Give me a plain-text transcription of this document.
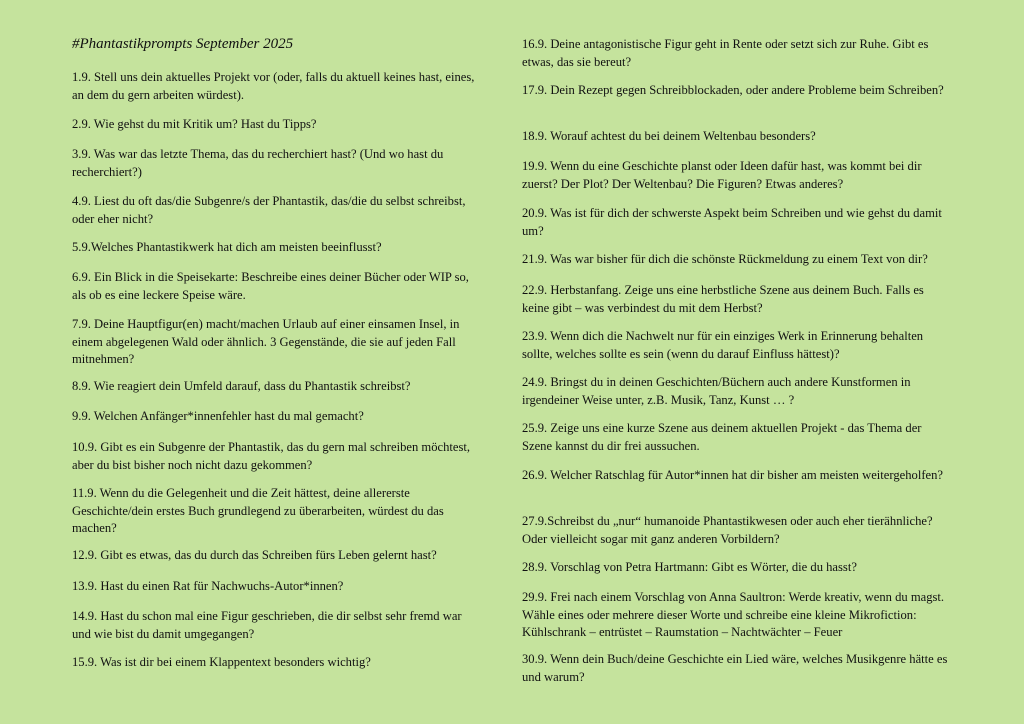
#Phantastikprompts September 2025

1.9. Stell uns dein aktuelles Projekt vor (oder, falls du aktuell keines hast, eines, an dem du gern arbeiten würdest).

2.9. Wie gehst du mit Kritik um? Hast du Tipps?

3.9. Was war das letzte Thema, das du recherchiert hast? (Und wo hast du recherchiert?)

4.9. Liest du oft das/die Subgenre/s der Phantastik, das/die du selbst schreibst, oder eher nicht?

5.9.Welches Phantastikwerk hat dich am meisten beeinflusst?

6.9. Ein Blick in die Speisekarte: Beschreibe eines deiner Bücher oder WIP so, als ob es eine leckere Speise wäre.

7.9. Deine Hauptfigur(en) macht/machen Urlaub auf einer einsamen Insel, in einem abgelegenen Wald oder ähnlich. 3 Gegenstände, die sie auf jeden Fall mitnehmen?

8.9. Wie reagiert dein Umfeld darauf, dass du Phantastik schreibst?

9.9. Welchen Anfänger*innenfehler hast du mal gemacht?

10.9. Gibt es ein Subgenre der Phantastik, das du gern mal schreiben möchtest, aber du bist bisher noch nicht dazu gekommen?

11.9. Wenn du die Gelegenheit und die Zeit hättest, deine allererste Geschichte/dein erstes Buch grundlegend zu überarbeiten, würdest du das machen?

12.9. Gibt es etwas, das du durch das Schreiben fürs Leben gelernt hast?

13.9. Hast du einen Rat für Nachwuchs-Autor*innen?

14.9. Hast du schon mal eine Figur geschrieben, die dir selbst sehr fremd war und wie bist du damit umgegangen?

15.9. Was ist dir bei einem Klappentext besonders wichtig?

16.9. Deine antagonistische Figur geht in Rente oder setzt sich zur Ruhe. Gibt es etwas, das sie bereut?

17.9. Dein Rezept gegen Schreibblockaden, oder andere Probleme beim Schreiben?

18.9. Worauf achtest du bei deinem Weltenbau besonders?

19.9. Wenn du eine Geschichte planst oder Ideen dafür hast, was kommt bei dir zuerst? Der Plot? Der Weltenbau? Die Figuren? Etwas anderes?

20.9. Was ist für dich der schwerste Aspekt beim Schreiben und wie gehst du damit um?

21.9. Was war bisher für dich die schönste Rückmeldung zu einem Text von dir?

22.9. Herbstanfang. Zeige uns eine herbstliche Szene aus deinem Buch. Falls es keine gibt – was verbindest du mit dem Herbst?

23.9. Wenn dich die Nachwelt nur für ein einziges Werk in Erinnerung behalten sollte, welches sollte es sein (wenn du darauf Einfluss hättest)?

24.9. Bringst du in deinen Geschichten/Büchern auch andere Kunstformen in irgendeiner Weise unter, z.B. Musik, Tanz, Kunst … ?

25.9. Zeige uns eine kurze Szene aus deinem aktuellen Projekt - das Thema der Szene kannst du dir frei aussuchen.

26.9. Welcher Ratschlag für Autor*innen hat dir bisher am meisten weitergeholfen?

27.9.Schreibst du „nur“ humanoide Phantastikwesen oder auch eher tierähnliche? Oder vielleicht sogar mit ganz anderen Vorbildern?

28.9. Vorschlag von Petra Hartmann: Gibt es Wörter, die du hasst?

29.9. Frei nach einem Vorschlag von Anna Saultron: Werde kreativ, wenn du magst. Wähle eines oder mehrere dieser Worte und schreibe eine kleine Mikrofiction: Kühlschrank – entrüstet – Raumstation – Nachtwächter – Feuer

30.9. Wenn dein Buch/deine Geschichte ein Lied wäre, welches Musikgenre hätte es und warum?
